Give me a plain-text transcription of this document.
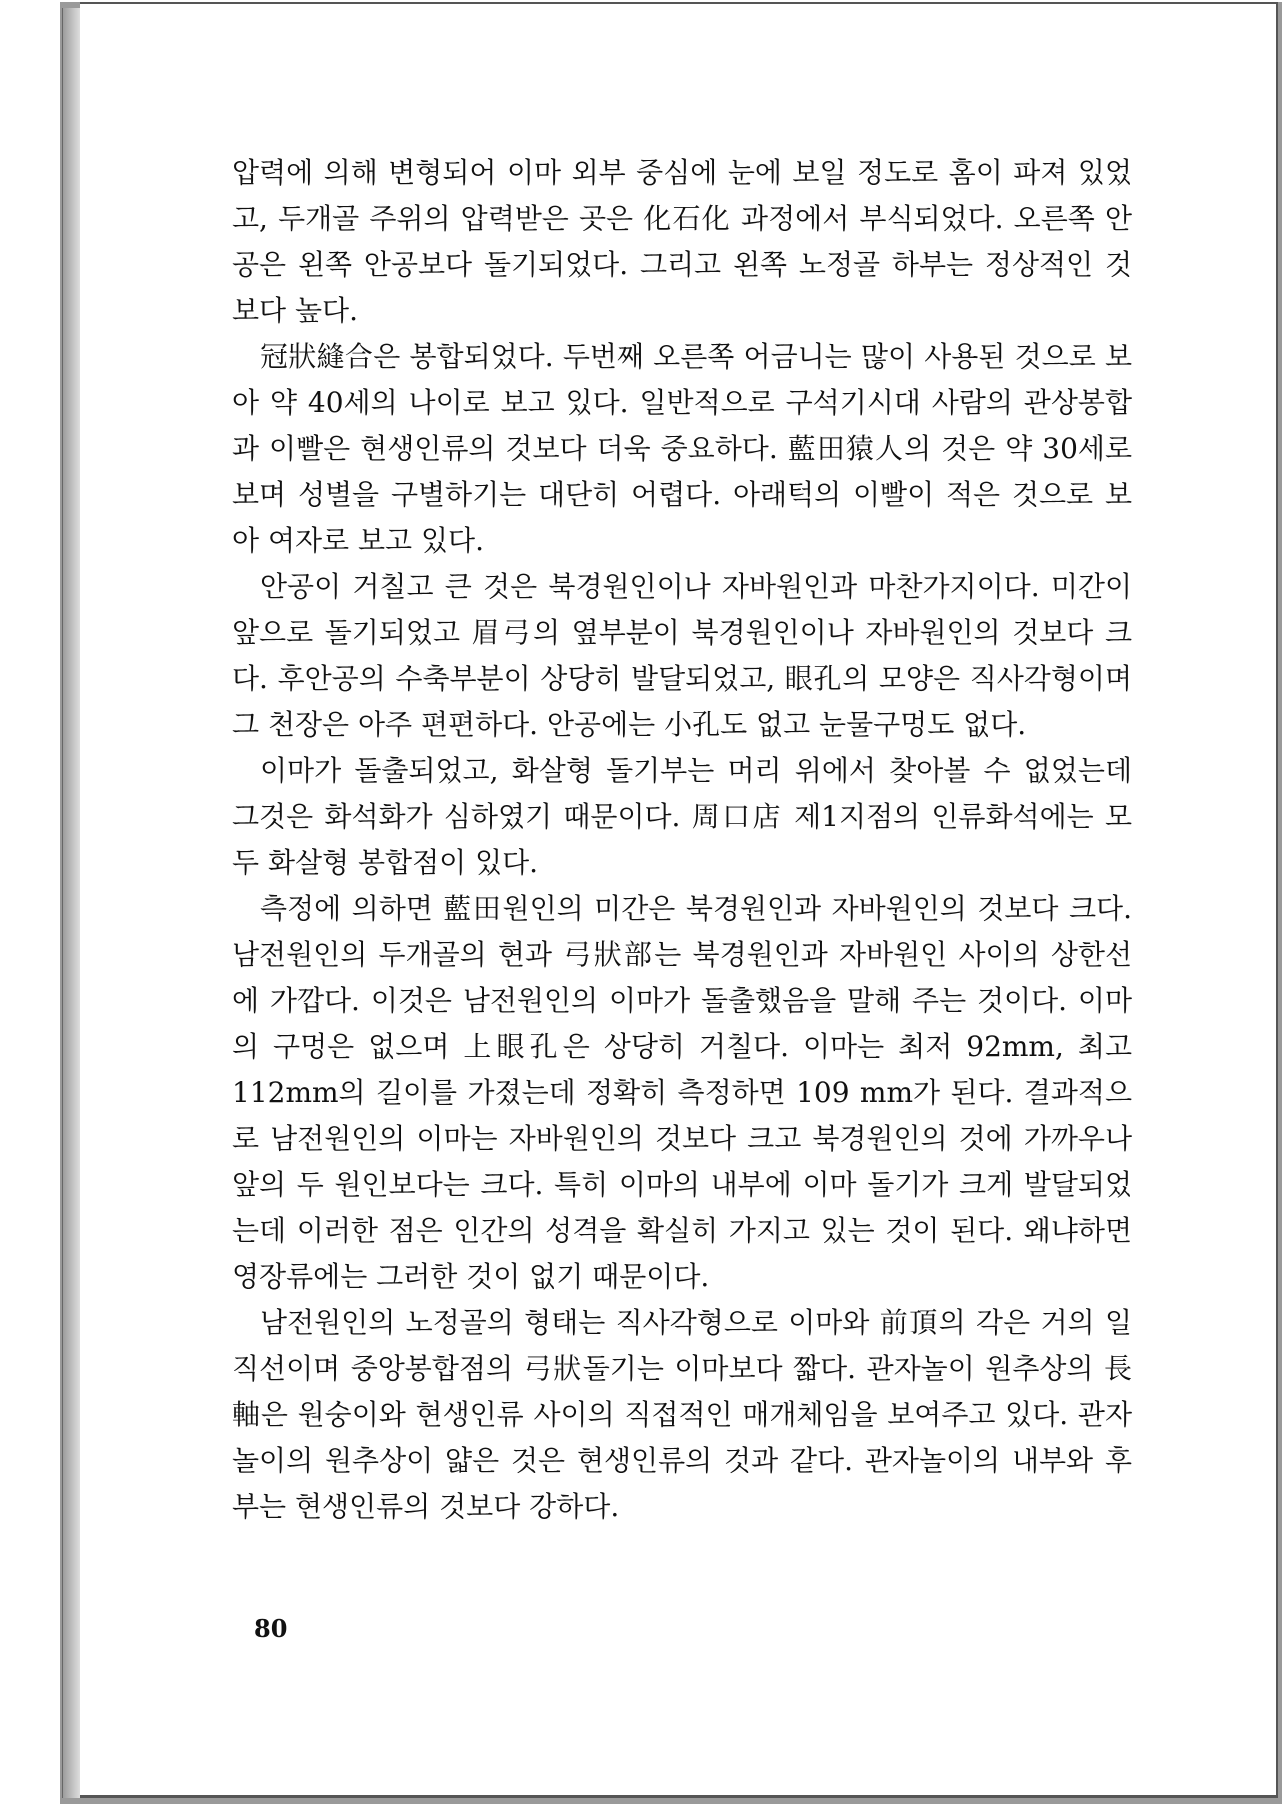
압력에 의해 변형되어 이마 외부 중심에 눈에 보일 정도로 홈이 파져 있었고, 두개골 주위의 압력받은 곳은 化石化 과정에서 부식되었다. 오른쪽 안공은 왼쪽 안공보다 돌기되었다. 그리고 왼쪽 노정골 하부는 정상적인 것보다 높다.

冠狀縫合은 봉합되었다. 두번째 오른쪽 어금니는 많이 사용된 것으로 보아 약 40세의 나이로 보고 있다. 일반적으로 구석기시대 사람의 관상봉합과 이빨은 현생인류의 것보다 더욱 중요하다. 藍田猿人의 것은 약 30세로 보며 성별을 구별하기는 대단히 어렵다. 아래턱의 이빨이 적은 것으로 보아 여자로 보고 있다.

안공이 거칠고 큰 것은 북경원인이나 자바원인과 마찬가지이다. 미간이 앞으로 돌기되었고 眉弓의 옆부분이 북경원인이나 자바원인의 것보다 크다. 후안공의 수축부분이 상당히 발달되었고, 眼孔의 모양은 직사각형이며 그 천장은 아주 편편하다. 안공에는 小孔도 없고 눈물구멍도 없다.

이마가 돌출되었고, 화살형 돌기부는 머리 위에서 찾아볼 수 없었는데 그것은 화석화가 심하였기 때문이다. 周口店 제1지점의 인류화석에는 모두 화살형 봉합점이 있다.

측정에 의하면 藍田원인의 미간은 북경원인과 자바원인의 것보다 크다. 남전원인의 두개골의 현과 弓狀部는 북경원인과 자바원인 사이의 상한선에 가깝다. 이것은 남전원인의 이마가 돌출했음을 말해 주는 것이다. 이마의 구멍은 없으며 上眼孔은 상당히 거칠다. 이마는 최저 92mm, 최고 112mm의 길이를 가졌는데 정확히 측정하면 109 mm가 된다. 결과적으로 남전원인의 이마는 자바원인의 것보다 크고 북경원인의 것에 가까우나 앞의 두 원인보다는 크다. 특히 이마의 내부에 이마 돌기가 크게 발달되었는데 이러한 점은 인간의 성격을 확실히 가지고 있는 것이 된다. 왜냐하면 영장류에는 그러한 것이 없기 때문이다.

남전원인의 노정골의 형태는 직사각형으로 이마와 前頂의 각은 거의 일직선이며 중앙봉합점의 弓狀돌기는 이마보다 짧다. 관자놀이 원추상의 長軸은 원숭이와 현생인류 사이의 직접적인 매개체임을 보여주고 있다. 관자놀이의 원추상이 얇은 것은 현생인류의 것과 같다. 관자놀이의 내부와 후부는 현생인류의 것보다 강하다.

80
